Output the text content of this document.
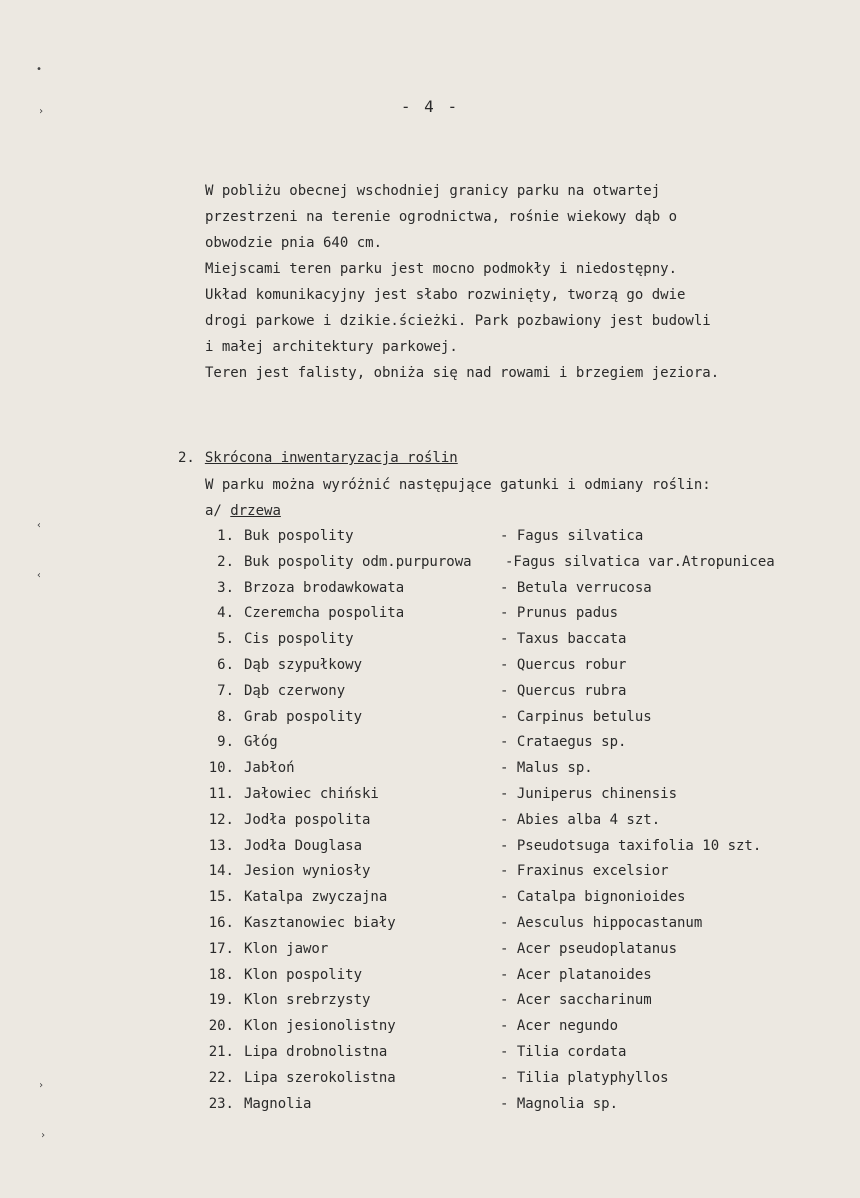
•
›
‹
‹
›
›
- 4 -
W pobliżu obecnej wschodniej granicy parku na otwartej
przestrzeni na terenie ogrodnictwa, rośnie wiekowy dąb o
obwodzie pnia 640 cm.
Miejscami teren parku jest mocno podmokły i niedostępny.
Układ komunikacyjny jest słabo rozwinięty, tworzą go dwie
drogi parkowe i dzikie.ścieżki. Park pozbawiony jest budowli
i małej architektury parkowej.
Teren jest falisty, obniża się nad rowami i brzegiem jeziora.
2. Skrócona inwentaryzacja roślin
W parku można wyróżnić następujące gatunki i odmiany roślin:
a/ drzewa
1. Buk pospolity	- Fagus silvatica
2. Buk pospolity odm.purpurowa -Fagus silvatica var.Atropunicea
3. Brzoza brodawkowata	- Betula verrucosa
4. Czeremcha pospolita	- Prunus padus
5. Cis pospolity	- Taxus baccata
6. Dąb szypułkowy	- Quercus robur
7. Dąb czerwony	- Quercus rubra
8. Grab pospolity	- Carpinus betulus
9. Głóg	- Crataegus sp.
10. Jabłoń	- Malus sp.
11. Jałowiec chiński	- Juniperus chinensis
12. Jodła pospolita	- Abies alba 4 szt.
13. Jodła Douglasa	- Pseudotsuga taxifolia 10 szt.
14. Jesion wyniosły	- Fraxinus excelsior
15. Katalpa zwyczajna	- Catalpa bignonioides
16. Kasztanowiec biały	- Aesculus hippocastanum
17. Klon jawor	- Acer pseudoplatanus
18. Klon pospolity	- Acer platanoides
19. Klon srebrzysty	- Acer saccharinum
20. Klon jesionolistny	- Acer negundo
21. Lipa drobnolistna	- Tilia cordata
22. Lipa szerokolistna	- Tilia platyphyllos
23. Magnolia	- Magnolia sp.
